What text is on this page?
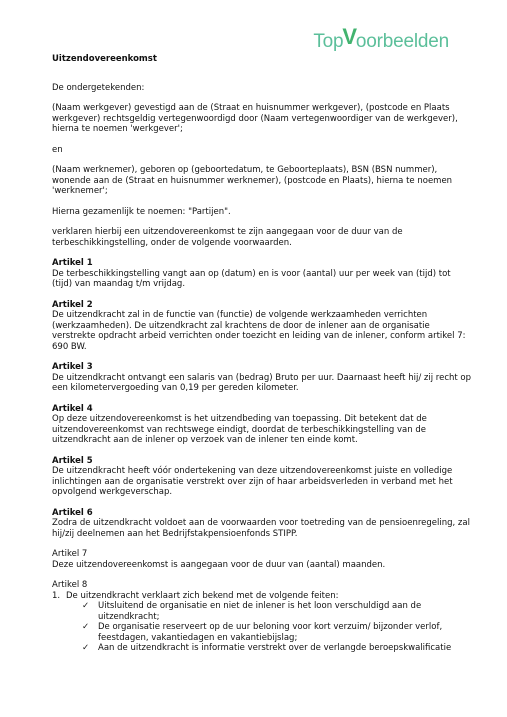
TopVoorbeelden
Uitzendovereenkomst

De ondergetekenden:

(Naam werkgever) gevestigd aan de (Straat en huisnummer werkgever), (postcode en Plaats werkgever) rechtsgeldig vertegenwoordigd door (Naam vertegenwoordiger van de werkgever), hierna te noemen 'werkgever';

en

(Naam werknemer), geboren op (geboortedatum, te Geboorteplaats), BSN (BSN nummer), wonende aan de (Straat en huisnummer werknemer), (postcode en Plaats), hierna te noemen 'werknemer';

Hierna gezamenlijk te noemen: "Partijen".

verklaren hierbij een uitzendovereenkomst te zijn aangegaan voor de duur van de terbeschikkingstelling, onder de volgende voorwaarden.

Artikel 1
De terbeschikkingstelling vangt aan op (datum) en is voor (aantal) uur per week van (tijd) tot (tijd) van maandag t/m vrijdag.
Artikel 2
De uitzendkracht zal in de functie van (functie) de volgende werkzaamheden verrichten (werkzaamheden). De uitzendkracht zal krachtens de door de inlener aan de organisatie verstrekte opdracht arbeid verrichten onder toezicht en leiding van de inlener, conform artikel 7: 690 BW.
Artikel 3
De uitzendkracht ontvangt een salaris van (bedrag) Bruto per uur. Daarnaast heeft hij/ zij recht op een kilometervergoeding van 0,19 per gereden kilometer.
Artikel 4
Op deze uitzendovereenkomst is het uitzendbeding van toepassing. Dit betekent dat de uitzendovereenkomst van rechtswege eindigt, doordat de terbeschikkingstelling van de uitzendkracht aan de inlener op verzoek van de inlener ten einde komt.
Artikel 5
De uitzendkracht heeft vóór ondertekening van deze uitzendovereenkomst juiste en volledige inlichtingen aan de organisatie verstrekt over zijn of haar arbeidsverleden in verband met het opvolgend werkgeverschap.
Artikel 6
Zodra de uitzendkracht voldoet aan de voorwaarden voor toetreding van de pensioenregeling, zal hij/zij deelnemen aan het Bedrijfstakpensioenfonds STIPP.
Artikel 7
Deze uitzendovereenkomst is aangegaan voor de duur van (aantal) maanden.
Artikel 8
1. De uitzendkracht verklaart zich bekend met de volgende feiten:
✓	Uitsluitend de organisatie en niet de inlener is het loon verschuldigd aan de uitzendkracht;
✓	De organisatie reserveert op de uur beloning voor kort verzuim/ bijzonder verlof, feestdagen, vakantiedagen en vakantiebijslag;
✓	Aan de uitzendkracht is informatie verstrekt over de verlangde beroepskwalificatie
